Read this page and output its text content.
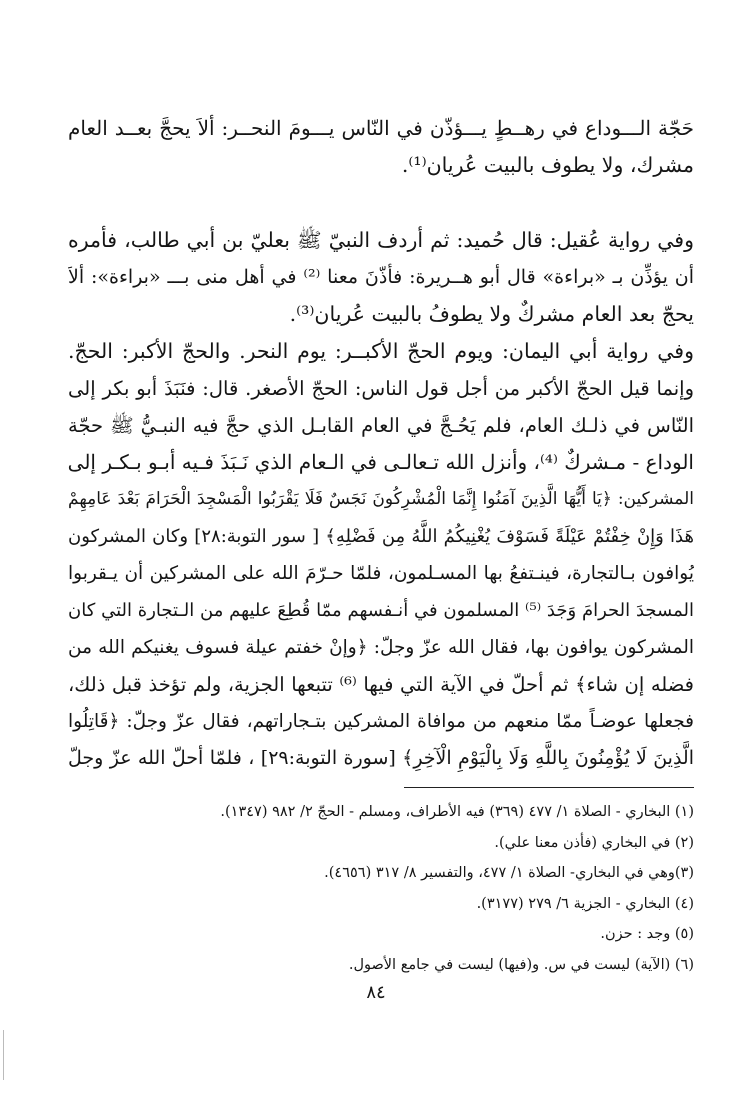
حَجّة الـــوداع في رهــطٍ يـــؤذّن في النّاس يـــومَ النحــر: ألاَ يحجَّ بعــد العام
مشرك، ولا يطوف بالبيت عُريان⁽¹⁾.
وفي رواية عُقيل: قال حُميد: ثم أردف النبيّ ﷺ بعليّ بن أبي طالب، فأمره
أن يؤذِّن بـ «براءة» قال أبو هــريرة: فأذّنَ معنا ⁽²⁾ في أهل منى بـــ «براءة»: ألاَ
يحجّ بعد العام مشركٌ ولا يطوفُ بالبيت عُريان⁽³⁾.
وفي رواية أبي اليمان: ويوم الحجّ الأكبــر: يوم النحر. والحجّ الأكبر: الحجّ.
وإنما قيل الحجّ الأكبر من أجل قول الناس: الحجّ الأصغر. قال: فنَبَذَ أبو بكر إلى
النّاس في ذلـك العام، فلم يَحُـجَّ في العام القابـل الذي حجَّ فيه النبـيُّ ﷺ حجّة
الوداع - مـشركٌ ⁽⁴⁾، وأنزل الله تـعالـى في الـعام الذي نَـبَذَ فـيه أبـو بـكـر إلى
المشركين: ﴿يَا أَيُّهَا الَّذِينَ آمَنُوا إِنَّمَا الْمُشْرِكُونَ نَجَسٌ فَلَا يَقْرَبُوا الْمَسْجِدَ الْحَرَامَ بَعْدَ عَامِهِمْ
هَذَا وَإِنْ خِفْتُمْ عَيْلَةً فَسَوْفَ يُغْنِيكُمُ اللَّهُ مِن فَضْلِهِ﴾ [ سور التوبة:٢٨] وكان المشركون
يُوافون بـالتجارة، فينـتفعُ بها المسـلمون، فلمّا حـرّمَ الله على المشركين أن يـقربوا
المسجدَ الحرامَ وَجَدَ ⁽⁵⁾ المسلمون في أنـفسهم ممّا قُطِعَ عليهم من الـتجارة التي كان
المشركون يوافون بها، فقال الله عزّ وجلّ: ﴿وإنْ خفتم عيلة فسوف يغنيكم الله من
فضله إن شاء﴾ ثم أحلّ في الآية التي فيها ⁽⁶⁾ تتبعها الجزية، ولم تؤخذ قبل ذلك،
فجعلها عوضـاً ممّا منعهم من موافاة المشركين بتـجاراتهم، فقال عزّ وجلّ: ﴿قَاتِلُوا
الَّذِينَ لَا يُؤْمِنُونَ بِاللَّهِ وَلَا بِالْيَوْمِ الْآخِرِ﴾ [سورة التوبة:٢٩] ، فلمّا أحلّ الله عزّ وجلّ
(١) البخاري - الصلاة ١/ ٤٧٧ (٣٦٩) فيه الأطراف، ومسلم - الحجّ ٢/ ٩٨٢ (١٣٤٧).
(٢) في البخاري (فأذن معنا علي).
(٣)وهي في البخاري- الصلاة ١/ ٤٧٧، والتفسير ٨/ ٣١٧ (٤٦٥٦).
(٤) البخاري - الجزية ٦/ ٢٧٩ (٣١٧٧).
(٥) وجد : حزن.
(٦) (الآية) ليست في س. و(فيها) ليست في جامع الأصول.
٨٤
